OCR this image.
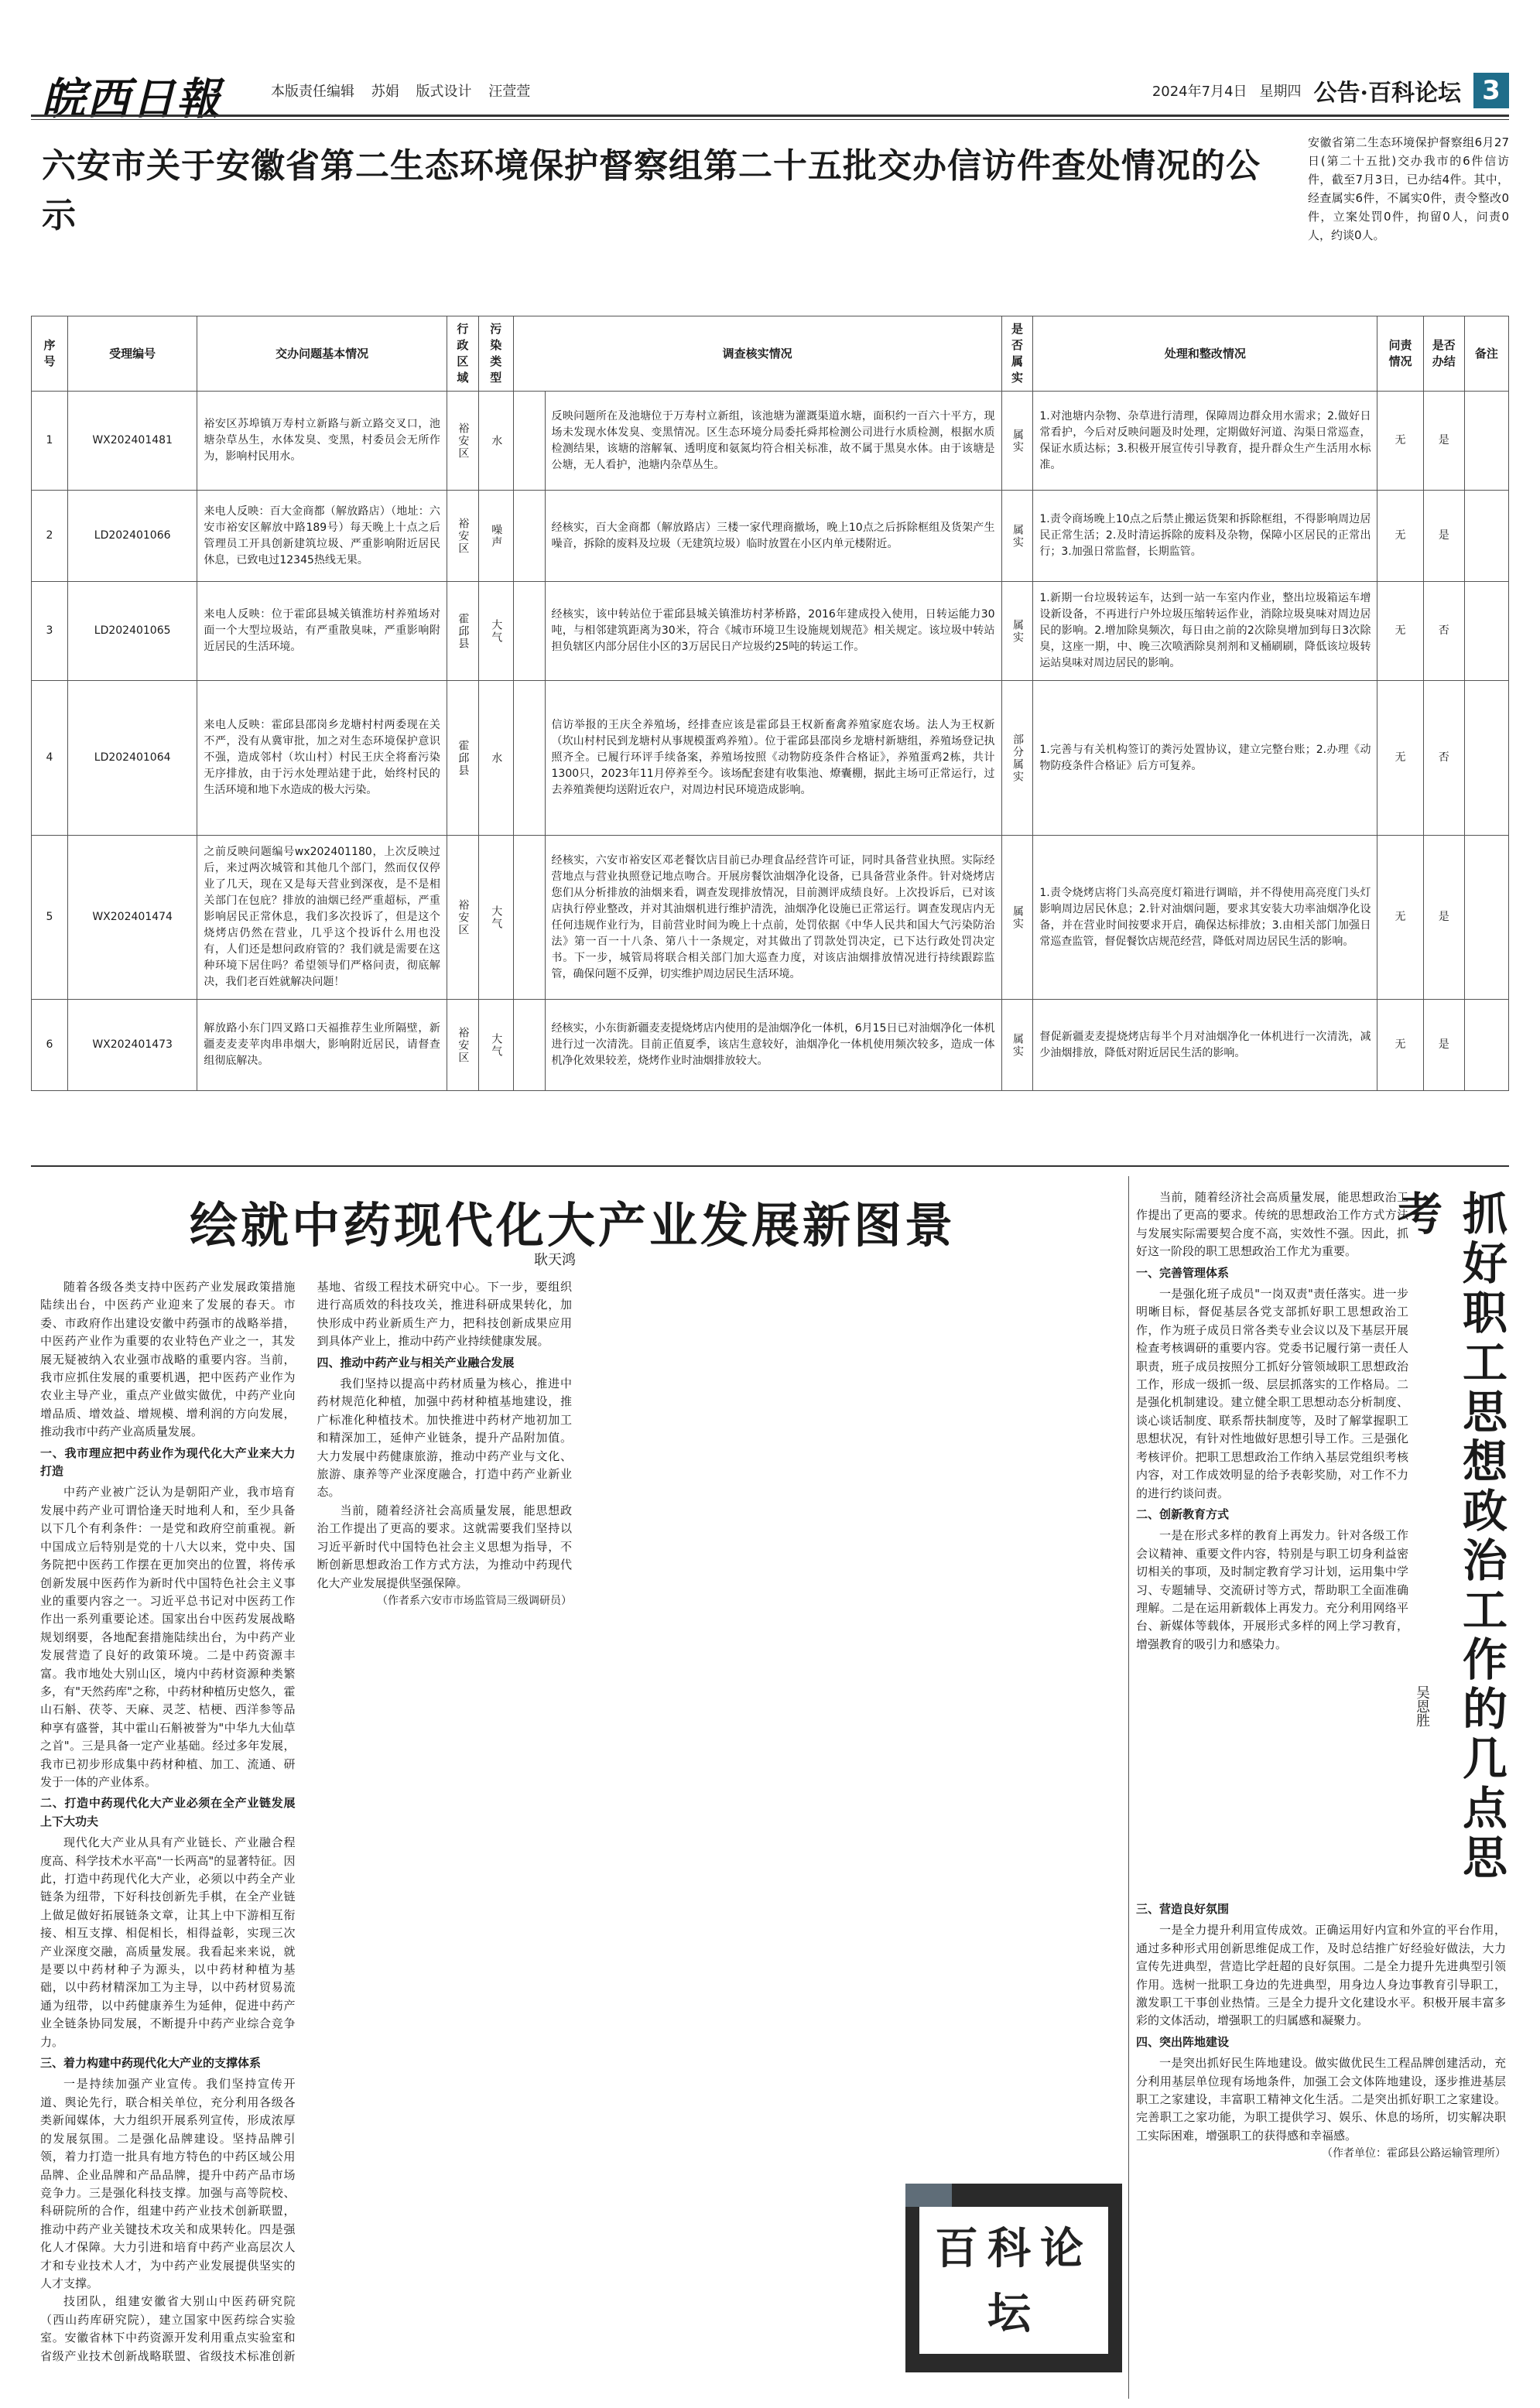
皖西日報	本版责任编辑 苏娟 版式设计 汪萱萱	2024年7月4日 星期四 公告·百科论坛 3
六安市关于安徽省第二生态环境保护督察组第二十五批交办信访件查处情况的公示
安徽省第二生态环境保护督察组6月27日(第二十五批)交办我市的6件信访件，截至7月3日，已办结4件。其中，经查属实6件，不属实0件，责令整改0件，立案处罚0件，拘留0人，问责0人，约谈0人。
序号	受理编号	交办问题基本情况	行政区域	污染类型	调查核实情况		是否属实	处理和整改情况	问责情况	是否办结	备注
1	WX202401481	裕安区苏埠镇万寿村立新路与新立路交叉口，池塘杂草丛生，水体发臭、变黑，村委员会无所作为，影响村民用水。	裕安区	水		反映问题所在及池塘位于万寿村立新组，该池塘为灌溉渠道水塘，面积约一百六十平方，现场未发现水体发臭、变黑情况。区生态环境分局委托舜邦检测公司进行水质检测，根据水质检测结果，该塘的溶解氧、透明度和氨氮均符合相关标准，故不属于黑臭水体。由于该塘是公塘，无人看护，池塘内杂草丛生。	属实	1.对池塘内杂物、杂草进行清理，保障周边群众用水需求；2.做好日常看护，今后对反映问题及时处理，定期做好河道、沟渠日常巡查，保证水质达标；3.积极开展宣传引导教育，提升群众生产生活用水标准。	无	是	
2	LD202401066	来电人反映：百大金商都（解放路店）（地址：六安市裕安区解放中路189号）每天晚上十点之后管理员工开具创新建筑垃圾、严重影响附近居民休息，已致电过12345热线无果。	裕安区	噪声		经核实，百大金商都（解放路店）三楼一家代理商撤场，晚上10点之后拆除框组及货架产生噪音，拆除的废料及垃圾（无建筑垃圾）临时放置在小区内单元楼附近。	属实	1.责令商场晚上10点之后禁止搬运货架和拆除框组，不得影响周边居民正常生活；2.及时清运拆除的废料及杂物，保障小区居民的正常出行；3.加强日常监督，长期监管。	无	是	
3	LD202401065	来电人反映：位于霍邱县城关镇淮坊村养殖场对面一个大型垃圾站，有严重散臭味，严重影响附近居民的生活环境。	霍邱县	大气		经核实，该中转站位于霍邱县城关镇淮坊村茅桥路，2016年建成投入使用，日转运能力30吨，与相邻建筑距离为30米，符合《城市环境卫生设施规划规范》相关规定。该垃圾中转站担负辖区内部分居住小区的3万居民日产垃圾约25吨的转运工作。	属实	1.新期一台垃圾转运车，达到一站一车室内作业，整出垃圾箱运车增设新设备，不再进行户外垃圾压缩转运作业，消除垃圾臭味对周边居民的影响。2.增加除臭频次，每日由之前的2次除臭增加到每日3次除臭，这座一期，中、晚三次喷洒除臭剂剂和叉桶刷刷，降低该垃圾转运站臭味对周边居民的影响。	无	否	
4	LD202401064	来电人反映：霍邱县邵岗乡龙塘村村两委现在关不严，没有从冀审批，加之对生态环境保护意识不强，造成邻村（坎山村）村民王庆全将畜污染无序排放，由于污水处理站建于此，始终村民的生活环境和地下水造成的极大污染。	霍邱县	水		信访举报的王庆全养殖场，经排查应该是霍邱县王权新畜禽养殖家庭农场。法人为王权新（坎山村村民到龙塘村从事规模蛋鸡养殖）。位于霍邱县邵岗乡龙塘村新塘组，养殖场登记执照齐全。已履行环评手续备案，养殖场按照《动物防疫条件合格证》，养殖蛋鸡2栋，共计1300只，2023年11月停养至今。该场配套建有收集池、燎囊棚，据此主场可正常运行，过去养殖粪便均送附近农户，对周边村民环境造成影响。	部分属实	1.完善与有关机构签订的粪污处置协议，建立完整台账；2.办理《动物防疫条件合格证》后方可复养。	无	否	
5	WX202401474	之前反映问题编号wx202401180，上次反映过后，来过两次城管和其他几个部门，然而仅仅停业了几天，现在又是每天营业到深夜，是不是相关部门在包庇？排放的油烟已经严重超标，严重影响居民正常休息，我们多次投诉了，但是这个烧烤店仍然在营业，几乎这个投诉什么用也没有，人们还是想问政府管的？我们就是需要在这种环境下居住吗？希望领导们严格问责，彻底解决，我们老百姓就解决问题！	裕安区	大气		经核实，六安市裕安区邓老餐饮店目前已办理食品经营许可证，同时具备营业执照。实际经营地点与营业执照登记地点吻合。开展房餐饮油烟净化设备，已具备营业条件。针对烧烤店您们从分析排放的油烟来看，调查发现排放情况，目前测评成绩良好。上次投诉后，已对该店执行停业整改，并对其油烟机进行维护清洗，油烟净化设施已正常运行。调查发现店内无任何违规作业行为，目前营业时间为晚上十点前，处罚依据《中华人民共和国大气污染防治法》第一百一十八条、第八十一条规定，对其做出了罚款处罚决定，已下达行政处罚决定书。下一步，城管局将联合相关部门加大巡查力度，对该店油烟排放情况进行持续跟踪监管，确保问题不反弹，切实维护周边居民生活环境。	属实	1.责令烧烤店将门头高亮度灯箱进行调暗，并不得使用高亮度门头灯影响周边居民休息；2.针对油烟问题，要求其安装大功率油烟净化设备，并在营业时间按要求开启，确保达标排放；3.由相关部门加强日常巡查监管，督促餐饮店规范经营，降低对周边居民生活的影响。	无	是	
6	WX202401473	解放路小东门四叉路口天福推荐生业所隔壁，新疆麦麦麦苹肉串串烟大，影响附近居民，请督查组彻底解决。	裕安区	大气		经核实，小东街新疆麦麦提烧烤店内使用的是油烟净化一体机，6月15日已对油烟净化一体机进行过一次清洗。目前正值夏季，该店生意较好，油烟净化一体机使用频次较多，造成一体机净化效果较差，烧烤作业时油烟排放较大。	属实	督促新疆麦麦提烧烤店每半个月对油烟净化一体机进行一次清洗，减少油烟排放，降低对附近居民生活的影响。	无	是	
绘就中药现代化大产业发展新图景
耿天鸿

随着各级各类支持中医药产业发展政策措施陆续出台，中医药产业迎来了发展的春天。市委、市政府作出建设安徽中药强市的战略举措，中医药产业作为重要的农业特色产业之一，其发展无疑被纳入农业强市战略的重要内容。当前，我市应抓住发展的重要机遇，把中医药产业作为农业主导产业，重点产业做实做优，中药产业向增品质、增效益、增规模、增利润的方向发展，推动我市中药产业高质量发展。

一、我市理应把中药业作为现代化大产业来大力打造

中药产业被广泛认为是朝阳产业，我市培育发展中药产业可谓恰逢天时地利人和，至少具备以下几个有利条件：一是党和政府空前重视。新中国成立后特别是党的十八大以来，党中央、国务院把中医药工作摆在更加突出的位置，将传承创新发展中医药作为新时代中国特色社会主义事业的重要内容之一。习近平总书记对中医药工作作出一系列重要论述。国家出台中医药发展战略规划纲要，各地配套措施陆续出台，为中药产业发展营造了良好的政策环境。二是中药资源丰富。我市地处大别山区，境内中药材资源种类繁多，有"天然药库"之称，中药材种植历史悠久，霍山石斛、茯苓、天麻、灵芝、桔梗、西洋参等品种享有盛誉，其中霍山石斛被誉为"中华九大仙草之首"。三是具备一定产业基础。经过多年发展，我市已初步形成集中药材种植、加工、流通、研发于一体的产业体系。

二、打造中药现代化大产业必须在全产业链发展上下大功夫

现代化大产业从具有产业链长、产业融合程度高、科学技术水平高"一长两高"的显著特征。因此，打造中药现代化大产业，必须以中药全产业链条为纽带，下好科技创新先手棋，在全产业链上做足做好拓展链条文章，让其上中下游相互衔接、相互支撑、相促相长，相得益彰，实现三次产业深度交融，高质量发展。我看起来来说，就是要以中药材种子为源头，以中药材种植为基础，以中药材精深加工为主导，以中药材贸易流通为纽带，以中药健康养生为延伸，促进中药产业全链条协同发展，不断提升中药产业综合竞争力。

三、着力构建中药现代化大产业的支撑体系

一是持续加强产业宣传。我们坚持宣传开道、舆论先行，联合相关单位，充分利用各级各类新闻媒体，大力组织开展系列宣传，形成浓厚的发展氛围。二是强化品牌建设。坚持品牌引领，着力打造一批具有地方特色的中药区域公用品牌、企业品牌和产品品牌，提升中药产品市场竞争力。三是强化科技支撑。加强与高等院校、科研院所的合作，组建中药产业技术创新联盟，推动中药产业关键技术攻关和成果转化。四是强化人才保障。大力引进和培育中药产业高层次人才和专业技术人才，为中药产业发展提供坚实的人才支撑。

技团队，组建安徽省大别山中医药研究院（西山药库研究院），建立国家中医药综合实验室。安徽省林下中药资源开发利用重点实验室和省级产业技术创新战略联盟、省级技术标准创新基地、省级工程技术研究中心。下一步，要组织进行高质效的科技攻关，推进科研成果转化，加快形成中药业新质生产力，把科技创新成果应用到具体产业上，推动中药产业持续健康发展。

四、推动中药产业与相关产业融合发展

我们坚持以提高中药材质量为核心，推进中药材规范化种植，加强中药材种植基地建设，推广标准化种植技术。加快推进中药材产地初加工和精深加工，延伸产业链条，提升产品附加值。大力发展中药健康旅游，推动中药产业与文化、旅游、康养等产业深度融合，打造中药产业新业态。

当前，随着经济社会高质量发展，能思想政治工作提出了更高的要求。这就需要我们坚持以习近平新时代中国特色社会主义思想为指导，不断创新思想政治工作方式方法，为推动中药现代化大产业发展提供坚强保障。

（作者系六安市市场监管局三级调研员）

百科论坛
抓好职工思想政治工作的几点思考
吴恩胜

当前，随着经济社会高质量发展，能思想政治工作提出了更高的要求。传统的思想政治工作方式方法与发展实际需要契合度不高，实效性不强。因此，抓好这一阶段的职工思想政治工作尤为重要。

一、完善管理体系

一是强化班子成员"一岗双责"责任落实。进一步明晰目标，督促基层各党支部抓好职工思想政治工作，作为班子成员日常各类专业会议以及下基层开展检查考核调研的重要内容。党委书记履行第一责任人职责，班子成员按照分工抓好分管领域职工思想政治工作，形成一级抓一级、层层抓落实的工作格局。二是强化机制建设。建立健全职工思想动态分析制度、谈心谈话制度、联系帮扶制度等，及时了解掌握职工思想状况，有针对性地做好思想引导工作。三是强化考核评价。把职工思想政治工作纳入基层党组织考核内容，对工作成效明显的给予表彰奖励，对工作不力的进行约谈问责。

二、创新教育方式

一是在形式多样的教育上再发力。针对各级工作会议精神、重要文件内容，特别是与职工切身利益密切相关的事项，及时制定教育学习计划，运用集中学习、专题辅导、交流研讨等方式，帮助职工全面准确理解。二是在运用新载体上再发力。充分利用网络平台、新媒体等载体，开展形式多样的网上学习教育，增强教育的吸引力和感染力。

三、营造良好氛围

一是全力提升利用宣传成效。正确运用好内宣和外宣的平台作用，通过多种形式用创新思维促成工作，及时总结推广好经验好做法，大力宣传先进典型，营造比学赶超的良好氛围。二是全力提升先进典型引领作用。选树一批职工身边的先进典型，用身边人身边事教育引导职工，激发职工干事创业热情。三是全力提升文化建设水平。积极开展丰富多彩的文体活动，增强职工的归属感和凝聚力。

四、突出阵地建设

一是突出抓好民生阵地建设。做实做优民生工程品牌创建活动，充分利用基层单位现有场地条件，加强工会文体阵地建设，逐步推进基层职工之家建设，丰富职工精神文化生活。二是突出抓好职工之家建设。完善职工之家功能，为职工提供学习、娱乐、休息的场所，切实解决职工实际困难，增强职工的获得感和幸福感。

（作者单位：霍邱县公路运输管理所）
